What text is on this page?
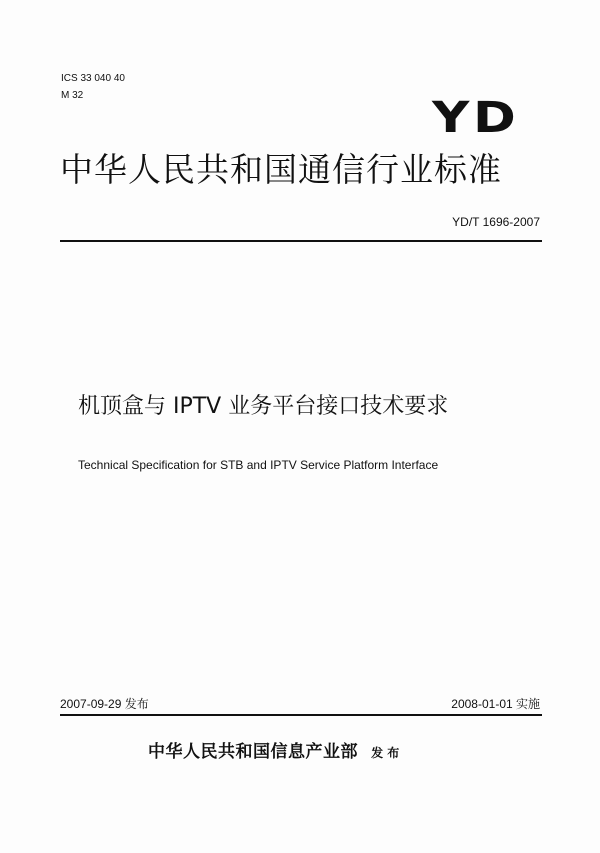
ICS 33 040 40
M 32	YD
中华人民共和国通信行业标准
YD/T 1696-2007
机顶盒与 IPTV 业务平台接口技术要求
Technical Specification for STB and IPTV Service Platform Interface
2007-09-29 发布	2008-01-01 实施
中华人民共和国信息产业部 发 布
